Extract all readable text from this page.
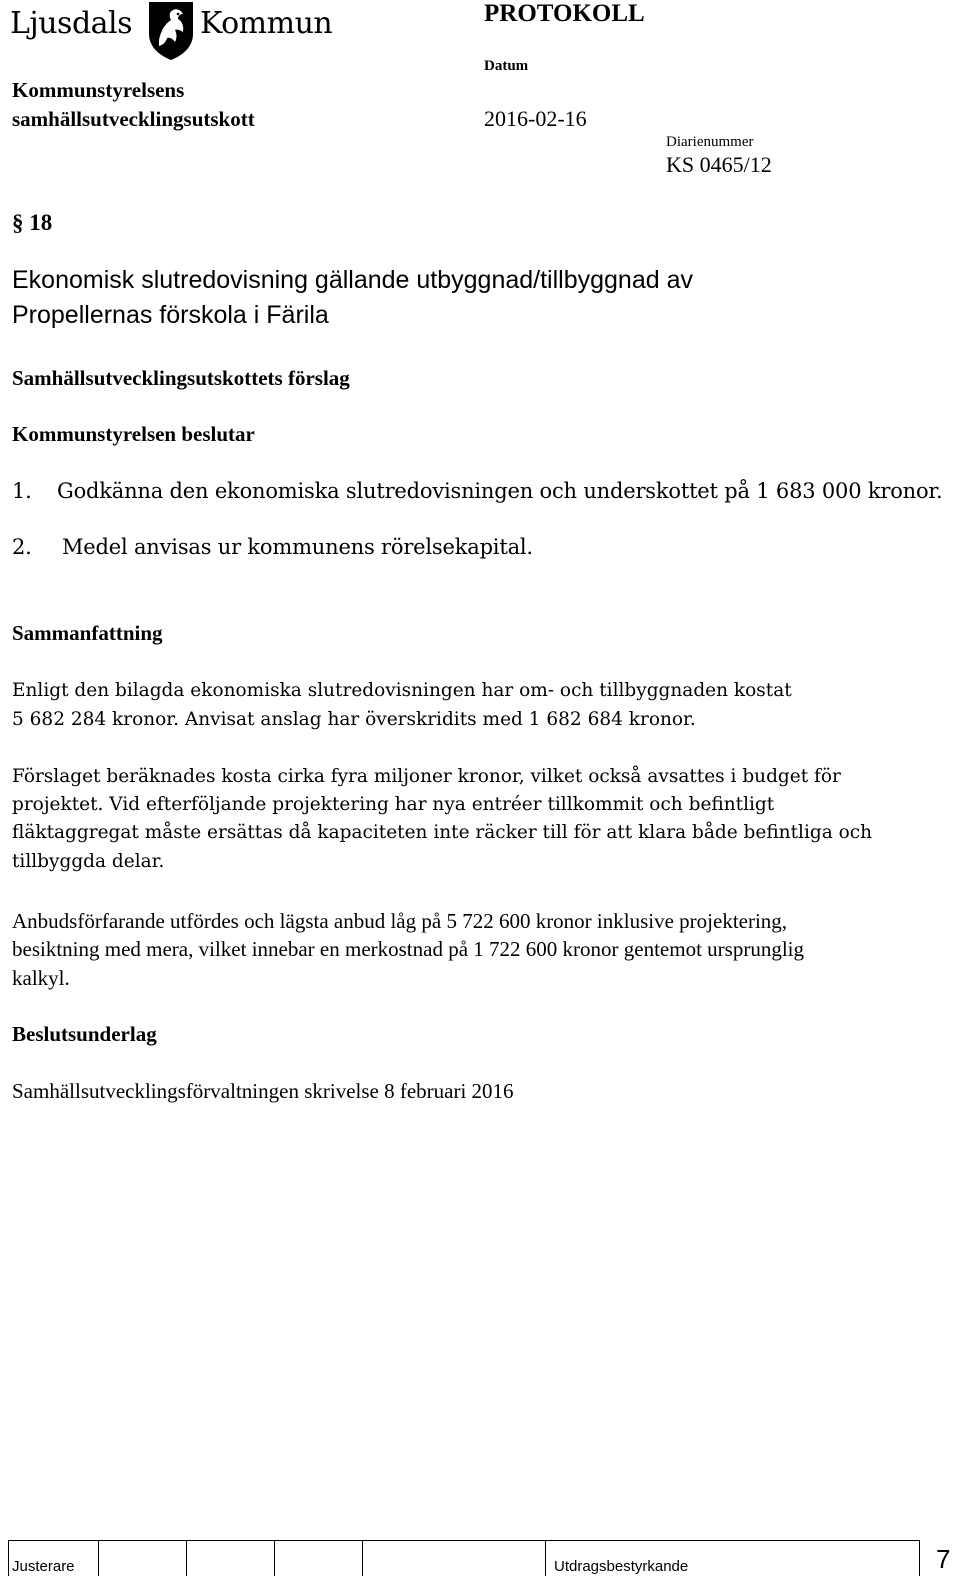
Ljusdals Kommun	PROTOKOLL
Kommunstyrelsens
samhällsutvecklingsutskott
Datum
2016-02-16
Diarienummer
KS 0465/12
§ 18
Ekonomisk slutredovisning gällande utbyggnad/tillbyggnad av
Propellernas förskola i Färila
Samhällsutvecklingsutskottets förslag
Kommunstyrelsen beslutar
1. Godkänna den ekonomiska slutredovisningen och underskottet på 1 683 000 kronor.
2. Medel anvisas ur kommunens rörelsekapital.
Sammanfattning
Enligt den bilagda ekonomiska slutredovisningen har om- och tillbyggnaden kostat
5 682 284 kronor. Anvisat anslag har överskridits med 1 682 684 kronor.
Förslaget beräknades kosta cirka fyra miljoner kronor, vilket också avsattes i budget för
projektet. Vid efterföljande projektering har nya entréer tillkommit och befintligt
fläktaggregat måste ersättas då kapaciteten inte räcker till för att klara både befintliga och
tillbyggda delar.
Anbudsförfarande utfördes och lägsta anbud låg på 5 722 600 kronor inklusive projektering,
besiktning med mera, vilket innebar en merkostnad på 1 722 600 kronor gentemot ursprunglig
kalkyl.
Beslutsunderlag
Samhällsutvecklingsförvaltningen skrivelse 8 februari 2016
Justerare	Utdragsbestyrkande	7
